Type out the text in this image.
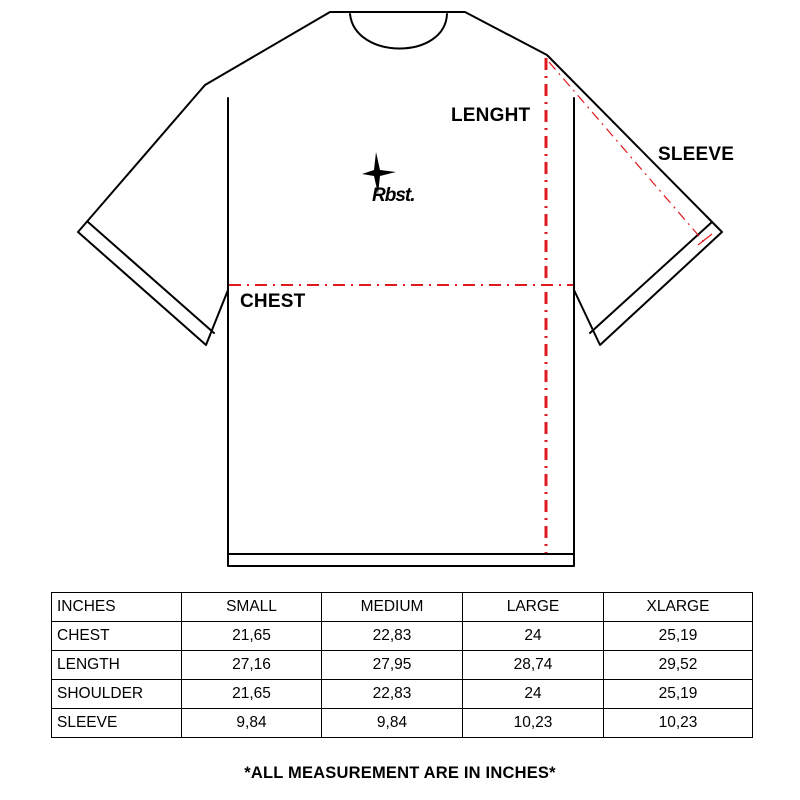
LENGHT
SLEEVE
CHEST
Rbst.
INCHES	SMALL	MEDIUM	LARGE	XLARGE
CHEST	21,65	22,83	24	25,19
LENGTH	27,16	27,95	28,74	29,52
SHOULDER	21,65	22,83	24	25,19
SLEEVE	9,84	9,84	10,23	10,23
*ALL MEASUREMENT ARE IN INCHES*
